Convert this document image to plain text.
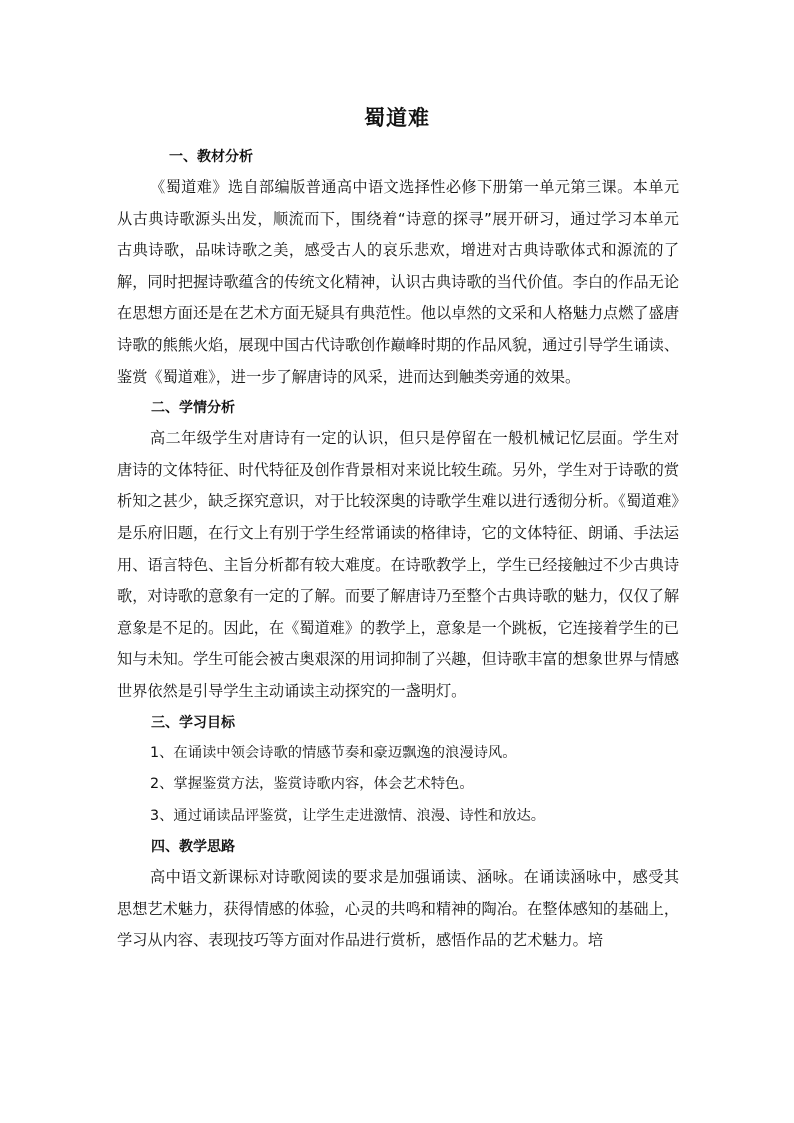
蜀道难
一、教材分析

《蜀道难》选自部编版普通高中语文选择性必修下册第一单元第三课。本单元从古典诗歌源头出发，顺流而下，围绕着“诗意的探寻”展开研习，通过学习本单元古典诗歌，品味诗歌之美，感受古人的哀乐悲欢，增进对古典诗歌体式和源流的了解，同时把握诗歌蕴含的传统文化精神，认识古典诗歌的当代价值。李白的作品无论在思想方面还是在艺术方面无疑具有典范性。他以卓然的文采和人格魅力点燃了盛唐诗歌的熊熊火焰，展现中国古代诗歌创作巅峰时期的作品风貌，通过引导学生诵读、鉴赏《蜀道难》，进一步了解唐诗的风采，进而达到触类旁通的效果。

二、学情分析

高二年级学生对唐诗有一定的认识，但只是停留在一般机械记忆层面。学生对唐诗的文体特征、时代特征及创作背景相对来说比较生疏。另外，学生对于诗歌的赏析知之甚少，缺乏探究意识，对于比较深奥的诗歌学生难以进行透彻分析。《蜀道难》是乐府旧题，在行文上有别于学生经常诵读的格律诗，它的文体特征、朗诵、手法运用、语言特色、主旨分析都有较大难度。在诗歌教学上，学生已经接触过不少古典诗歌，对诗歌的意象有一定的了解。而要了解唐诗乃至整个古典诗歌的魅力，仅仅了解意象是不足的。因此，在《蜀道难》的教学上，意象是一个跳板，它连接着学生的已知与未知。学生可能会被古奥艰深的用词抑制了兴趣，但诗歌丰富的想象世界与情感世界依然是引导学生主动诵读主动探究的一盏明灯。

三、学习目标

1、在诵读中领会诗歌的情感节奏和豪迈飘逸的浪漫诗风。

2、掌握鉴赏方法，鉴赏诗歌内容，体会艺术特色。

3、通过诵读品评鉴赏，让学生走进激情、浪漫、诗性和放达。

四、教学思路

高中语文新课标对诗歌阅读的要求是加强诵读、涵咏。在诵读涵咏中，感受其思想艺术魅力，获得情感的体验，心灵的共鸣和精神的陶冶。在整体感知的基础上，学习从内容、表现技巧等方面对作品进行赏析，感悟作品的艺术魅力。培
